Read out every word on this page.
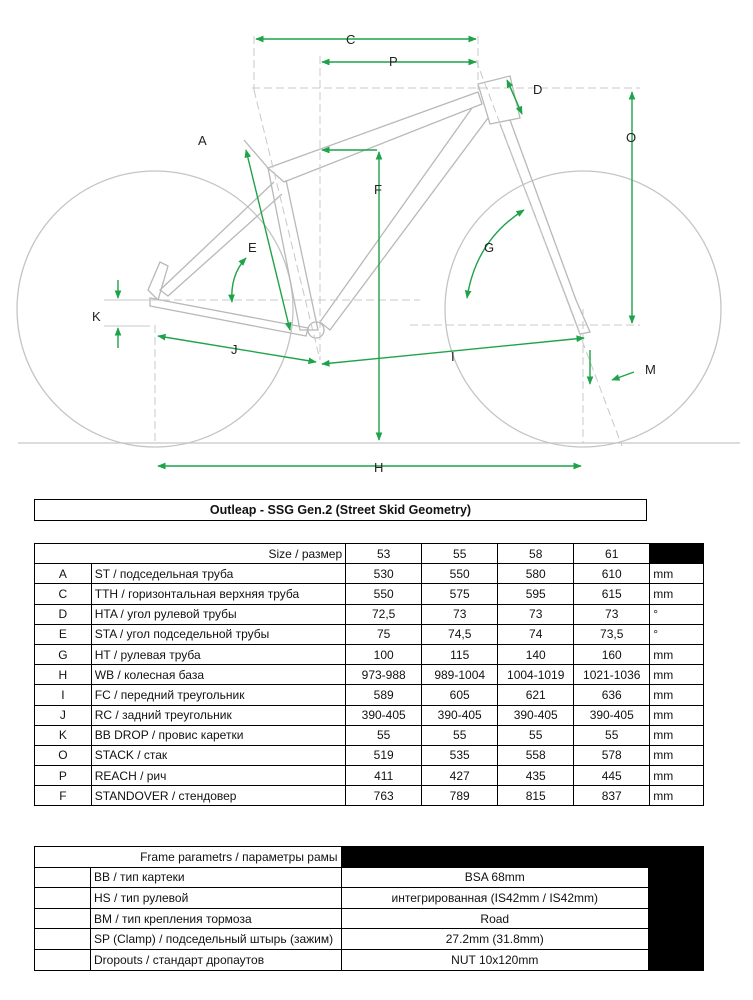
C
P
D
A	O
F
E	G
K
J	I
M
H
Outleap - SSG Gen.2 (Street Skid Geometry)
Size / размер		53	55	58	61	
A	ST / подседельная труба	530	550	580	610	mm
C	TTH / горизонтальная верхняя труба	550	575	595	615	mm
D	HTA / угол рулевой трубы	72,5	73	73	73	°
E	STA / угол подседельной трубы	75	74,5	74	73,5	°
G	HT / рулевая труба	100	115	140	160	mm
H	WB / колесная база	973-988	989-1004	1004-1019	1021-1036	mm
I	FC / передний треугольник	589	605	621	636	mm
J	RC / задний треугольник	390-405	390-405	390-405	390-405	mm
K	BB DROP / провис каретки	55	55	55	55	mm
O	STACK / стак	519	535	558	578	mm
P	REACH / рич	411	427	435	445	mm
F	STANDOVER / стендовер	763	789	815	837	mm
	Frame parametrs / параметры рамы		
	BB / тип картеки	BSA 68mm	
	HS / тип рулевой	интегрированная (IS42mm / IS42mm)	
	BM / тип крепления тормоза	Road	
	SP (Clamp) / подседельный штырь (зажим)	27.2mm (31.8mm)	
	Dropouts / стандарт дропаутов	NUT 10x120mm	
